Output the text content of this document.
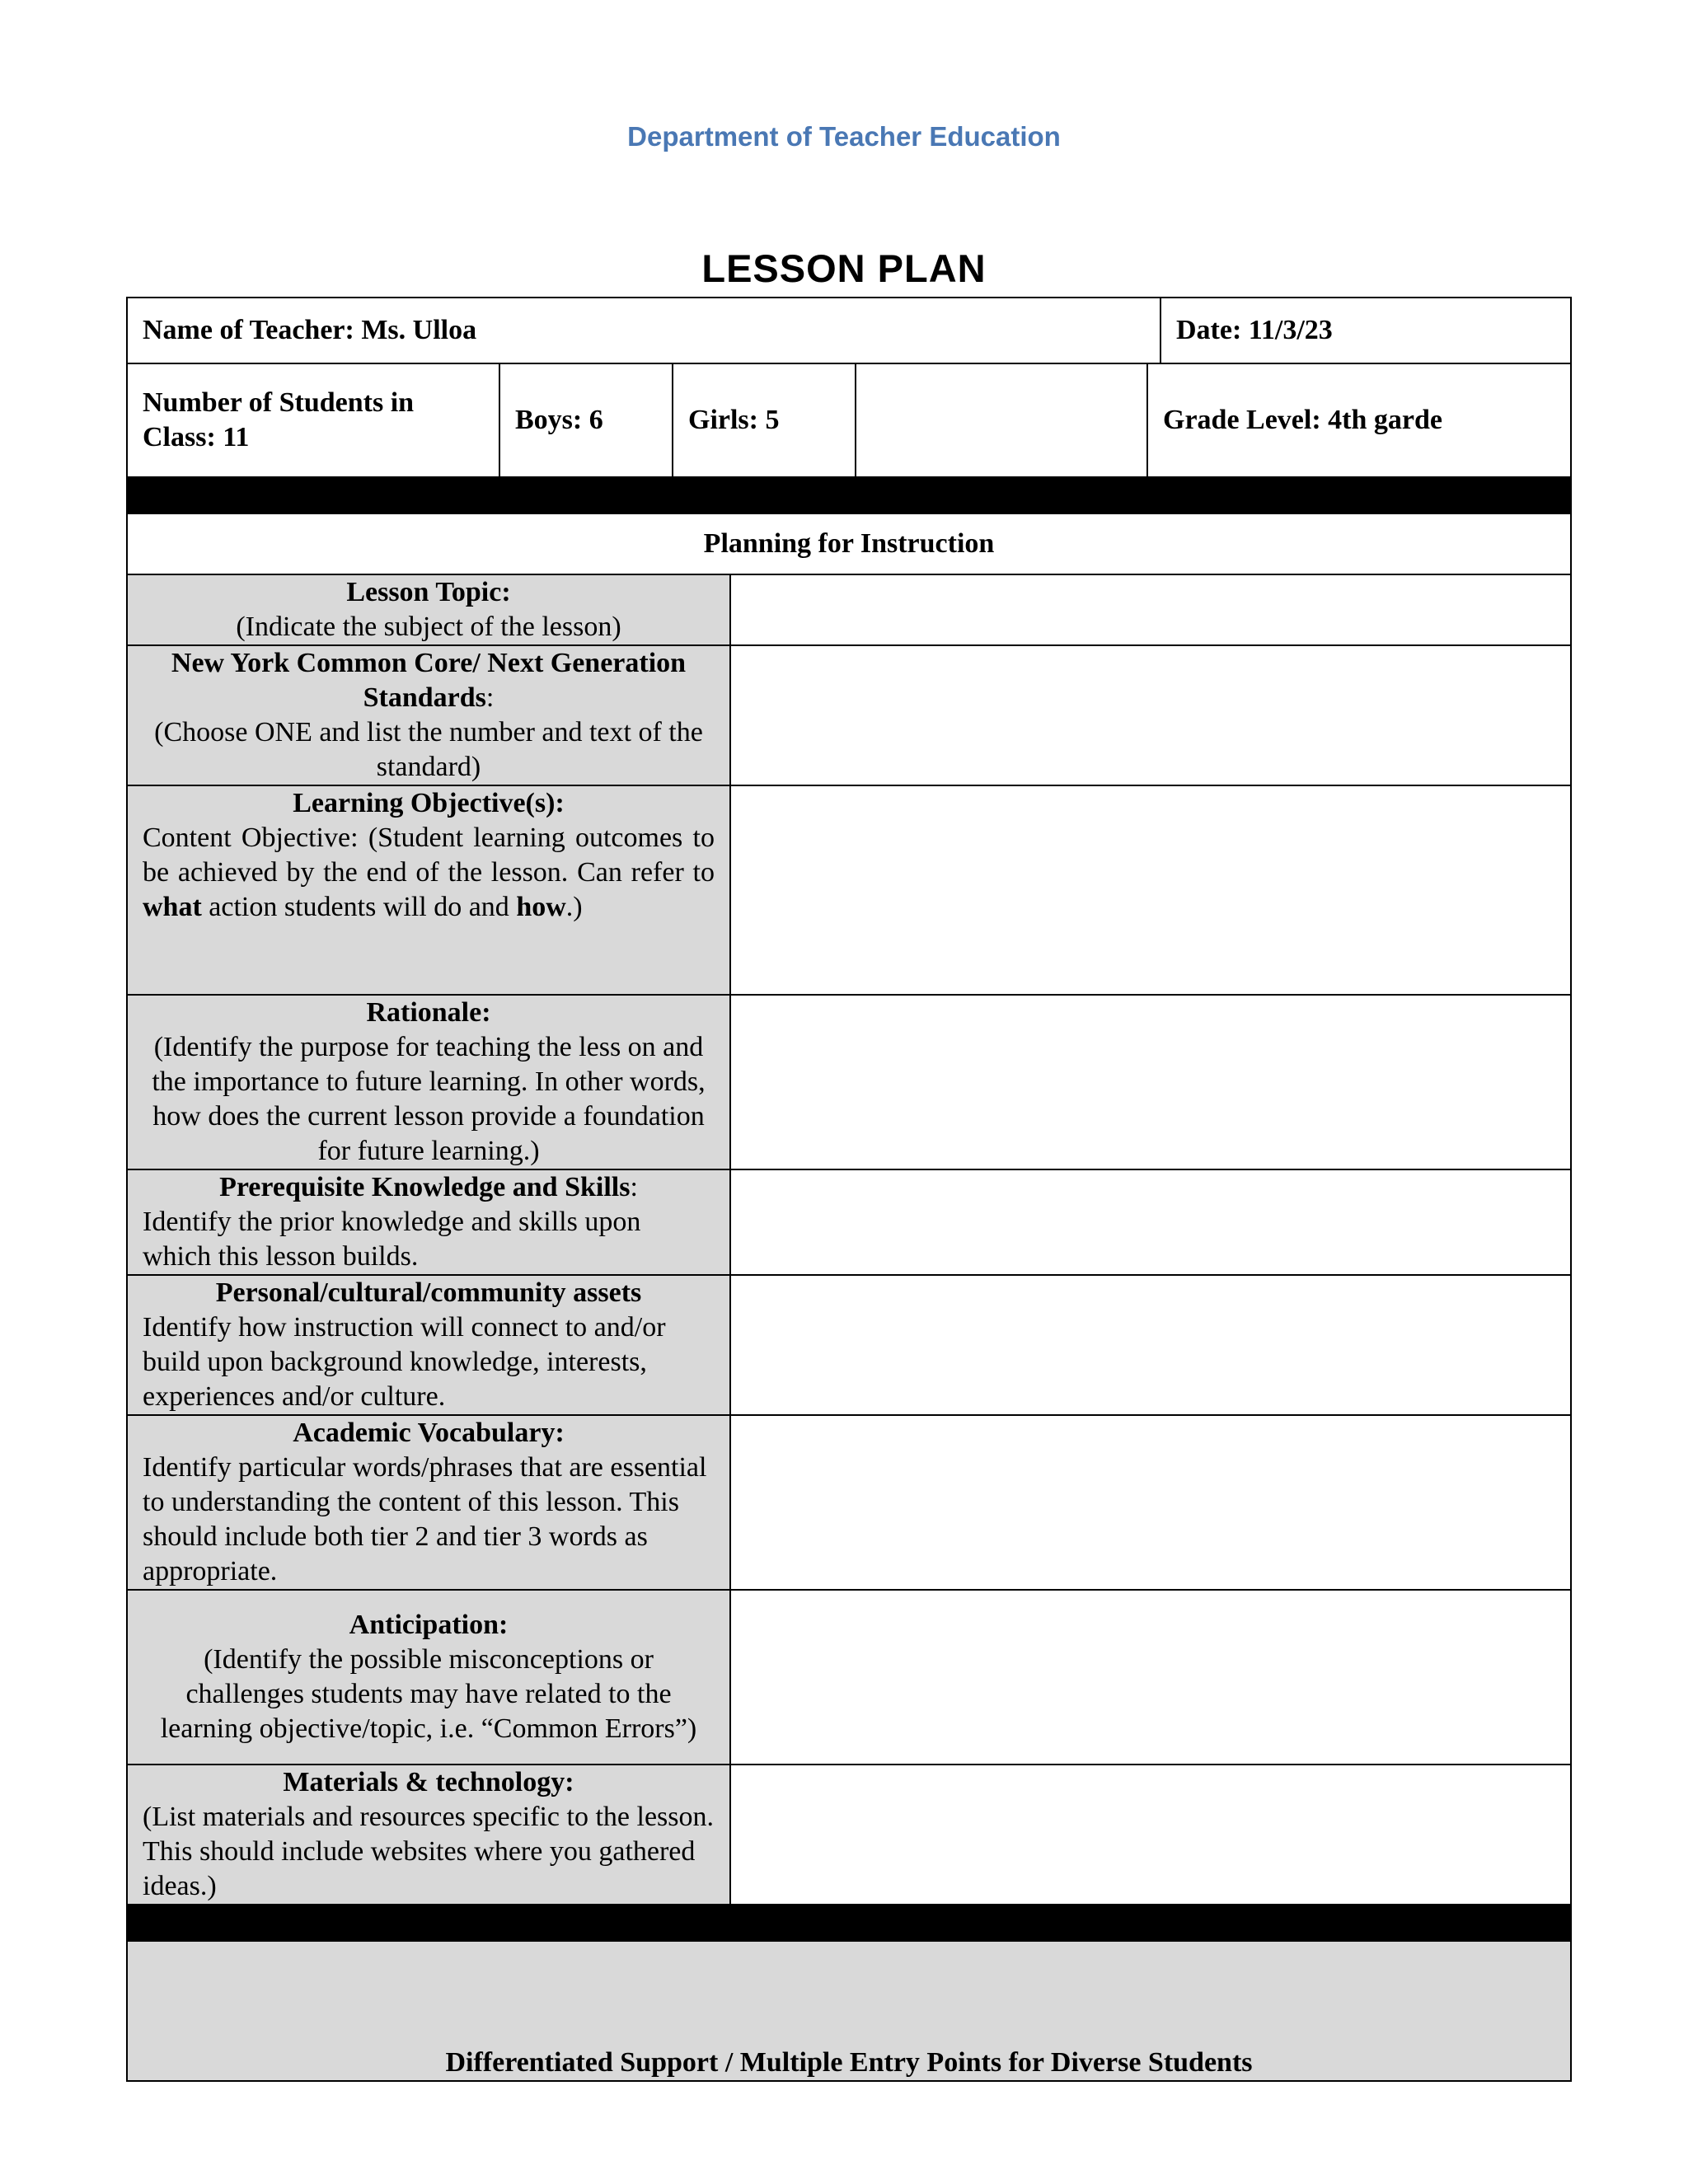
Department of Teacher Education
LESSON PLAN
Name of Teacher: Ms. Ulloa	Date: 11/3/23
Number of Students in Class: 11	Boys: 6	Girls: 5		Grade Level: 4th garde

Planning for Instruction	
Lesson Topic:
(Indicate the subject of the lesson)	
New York Common Core/ Next Generation Standards:
(Choose ONE and list the number and text of the standard)	

Learning Objective(s):
Content Objective: (Student learning outcomes to be achieved by the end of the lesson. Can refer to what action students will do and how.)	

Rationale:
(Identify the purpose for teaching the less on and the importance to future learning. In other words, how does the current lesson provide a foundation for future learning.)	

Prerequisite Knowledge and Skills:
Identify the prior knowledge and skills upon which this lesson builds.	

Personal/cultural/community assets
Identify how instruction will connect to and/or build upon background knowledge, interests, experiences and/or culture.	

Academic Vocabulary:
Identify particular words/phrases that are essential to understanding the content of this lesson. This should include both tier 2 and tier 3 words as appropriate.	

Anticipation:
(Identify the possible misconceptions or challenges students may have related to the learning objective/topic, i.e. “Common Errors”)	

Materials & technology:
(List materials and resources specific to the lesson. This should include websites where you gathered ideas.)	

Differentiated Support / Multiple Entry Points for Diverse Students	
